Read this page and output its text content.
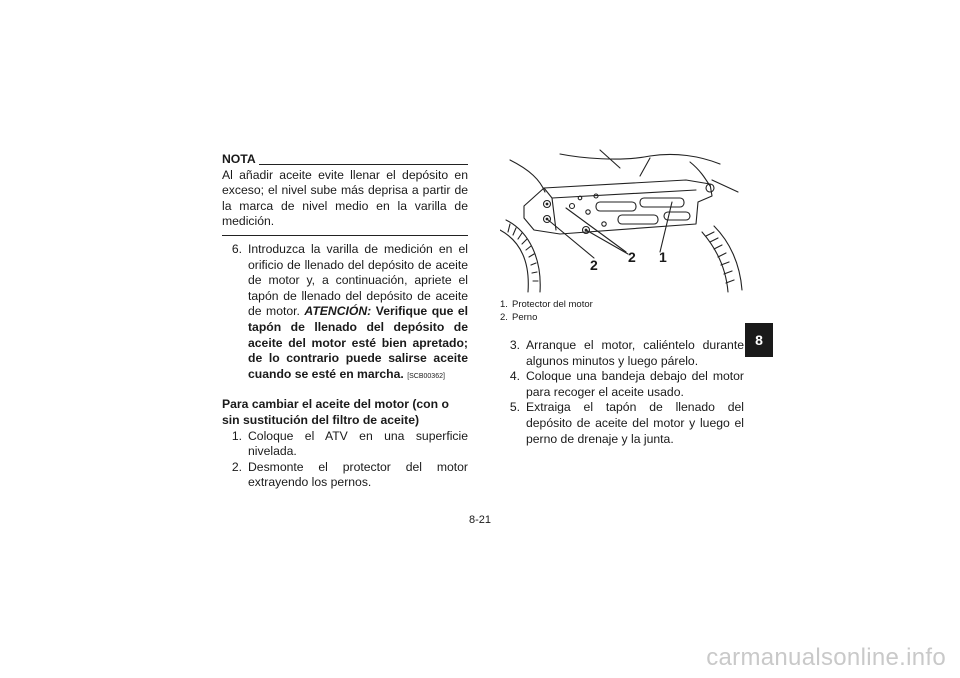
NOTA
Al añadir aceite evite llenar el depósito en exceso; el nivel sube más deprisa a partir de la marca de nivel medio en la varilla de medición.
6. Introduzca la varilla de medición en el orificio de llenado del depósito de aceite de motor y, a continuación, apriete el tapón de llenado del depósito de aceite de motor. ATENCIÓN: Verifique que el tapón de llenado del depósito de aceite del motor esté bien apretado; de lo contrario puede salirse aceite cuando se esté en marcha. [SCB00362]
Para cambiar el aceite del motor (con o sin sustitución del filtro de aceite)
1. Coloque el ATV en una superficie nivelada.
2. Desmonte el protector del motor extrayendo los pernos.
2 2 1
1. Protector del motor
2. Perno
3. Arranque el motor, caliéntelo durante algunos minutos y luego párelo.
4. Coloque una bandeja debajo del motor para recoger el aceite usado.
5. Extraiga el tapón de llenado del depósito de aceite del motor y luego el perno de drenaje y la junta.
8
8-21
carmanualsonline.info
